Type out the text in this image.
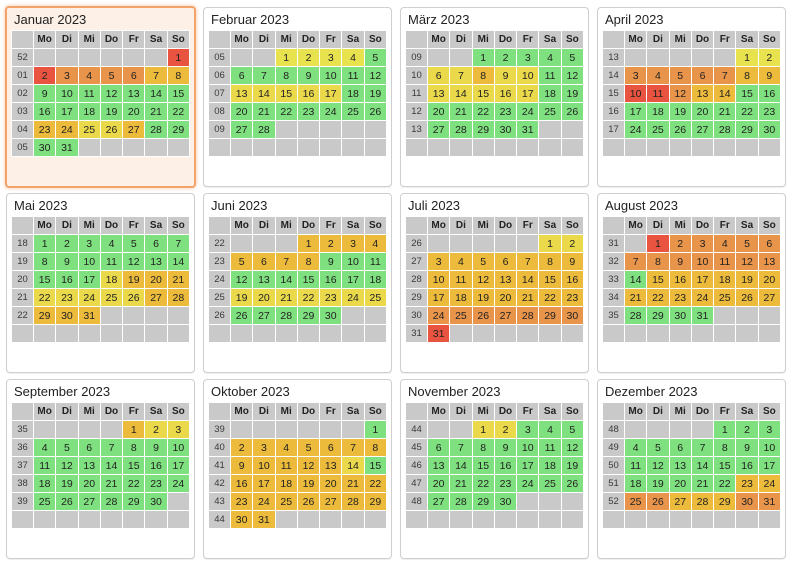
Januar 2023
	Mo	Di	Mi	Do	Fr	Sa	So
52							1
01	2	3	4	5	6	7	8
02	9	10	11	12	13	14	15
03	16	17	18	19	20	21	22
04	23	24	25	26	27	28	29
05	30	31					
Februar 2023
	Mo	Di	Mi	Do	Fr	Sa	So
05			1	2	3	4	5
06	6	7	8	9	10	11	12
07	13	14	15	16	17	18	19
08	20	21	22	23	24	25	26
09	27	28					

März 2023
	Mo	Di	Mi	Do	Fr	Sa	So
09			1	2	3	4	5
10	6	7	8	9	10	11	12
11	13	14	15	16	17	18	19
12	20	21	22	23	24	25	26
13	27	28	29	30	31		

April 2023
	Mo	Di	Mi	Do	Fr	Sa	So
13						1	2
14	3	4	5	6	7	8	9
15	10	11	12	13	14	15	16
16	17	18	19	20	21	22	23
17	24	25	26	27	28	29	30

Mai 2023
	Mo	Di	Mi	Do	Fr	Sa	So
18	1	2	3	4	5	6	7
19	8	9	10	11	12	13	14
20	15	16	17	18	19	20	21
21	22	23	24	25	26	27	28
22	29	30	31				

Juni 2023
	Mo	Di	Mi	Do	Fr	Sa	So
22				1	2	3	4
23	5	6	7	8	9	10	11
24	12	13	14	15	16	17	18
25	19	20	21	22	23	24	25
26	26	27	28	29	30		

Juli 2023
	Mo	Di	Mi	Do	Fr	Sa	So
26						1	2
27	3	4	5	6	7	8	9
28	10	11	12	13	14	15	16
29	17	18	19	20	21	22	23
30	24	25	26	27	28	29	30
31	31						
August 2023
	Mo	Di	Mi	Do	Fr	Sa	So
31		1	2	3	4	5	6
32	7	8	9	10	11	12	13
33	14	15	16	17	18	19	20
34	21	22	23	24	25	26	27
35	28	29	30	31			

September 2023
	Mo	Di	Mi	Do	Fr	Sa	So
35					1	2	3
36	4	5	6	7	8	9	10
37	11	12	13	14	15	16	17
38	18	19	20	21	22	23	24
39	25	26	27	28	29	30	

Oktober 2023
	Mo	Di	Mi	Do	Fr	Sa	So
39							1
40	2	3	4	5	6	7	8
41	9	10	11	12	13	14	15
42	16	17	18	19	20	21	22
43	23	24	25	26	27	28	29
44	30	31					
November 2023
	Mo	Di	Mi	Do	Fr	Sa	So
44			1	2	3	4	5
45	6	7	8	9	10	11	12
46	13	14	15	16	17	18	19
47	20	21	22	23	24	25	26
48	27	28	29	30			

Dezember 2023
	Mo	Di	Mi	Do	Fr	Sa	So
48					1	2	3
49	4	5	6	7	8	9	10
50	11	12	13	14	15	16	17
51	18	19	20	21	22	23	24
52	25	26	27	28	29	30	31
